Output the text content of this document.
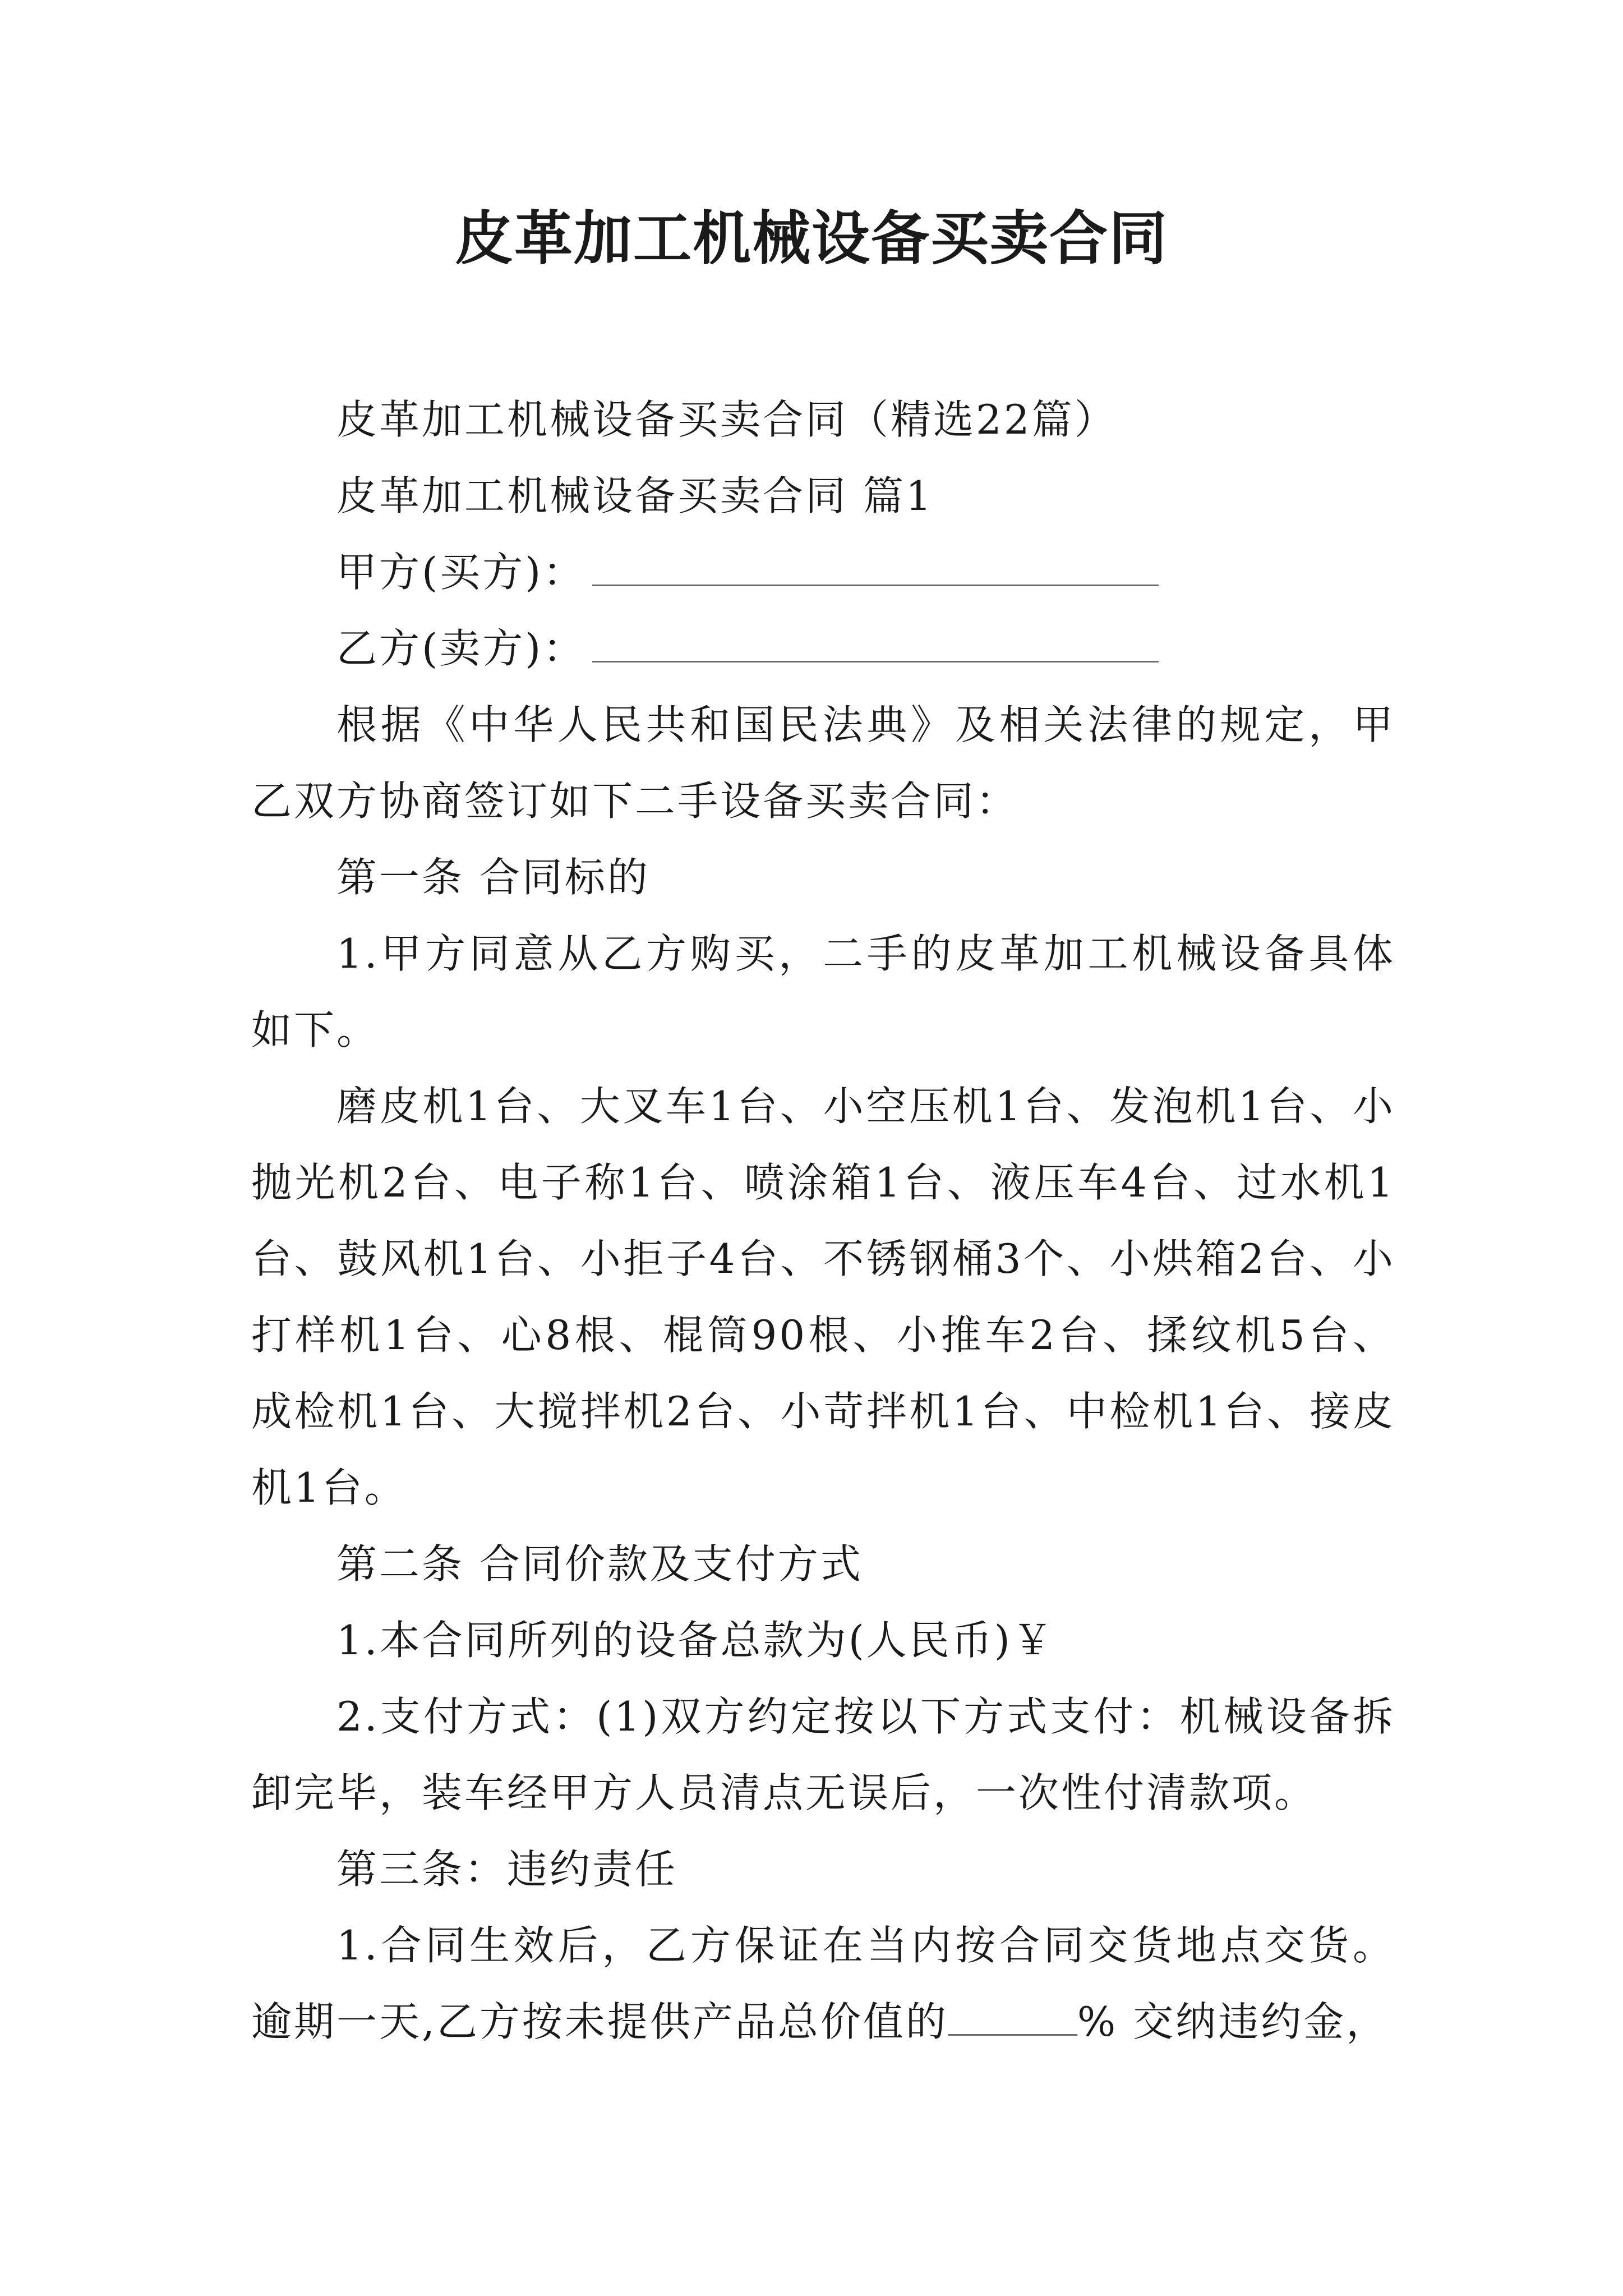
皮革加工机械设备买卖合同

皮革加工机械设备买卖合同（精选22篇）

皮革加工机械设备买卖合同 篇1

甲方(买方)：

乙方(卖方)：

根据《中华人民共和国民法典》及相关法律的规定，甲乙双方协商签订如下二手设备买卖合同：

第一条 合同标的

1.甲方同意从乙方购买，二手的皮革加工机械设备具体如下。

磨皮机1台、大叉车1台、小空压机1台、发泡机1台、小抛光机2台、电子称1台、喷涂箱1台、液压车4台、过水机1台、鼓风机1台、小拒子4台、不锈钢桶3个、小烘箱2台、小打样机1台、心8根、棍筒90根、小推车2台、揉纹机5台、成检机1台、大搅拌机2台、小苛拌机1台、中检机1台、接皮机1台。

第二条 合同价款及支付方式

1.本合同所列的设备总款为(人民币)￥

2.支付方式：(1)双方约定按以下方式支付：机械设备拆卸完毕，装车经甲方人员清点无误后，一次性付清款项。

第三条：违约责任

1.合同生效后，乙方保证在当内按合同交货地点交货。逾期一天,乙方按未提供产品总价值的	% 交纳违约金，
